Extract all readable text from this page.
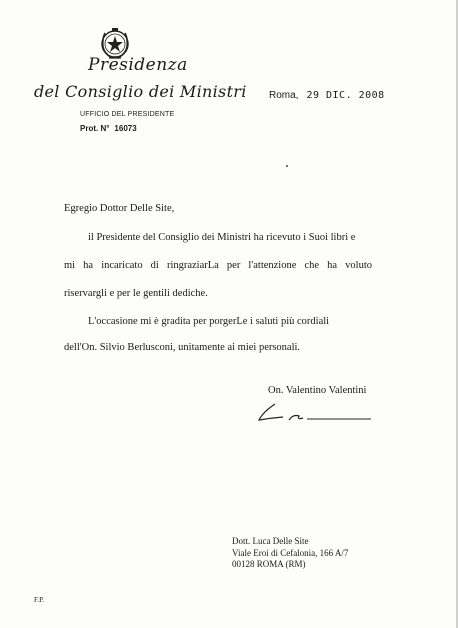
Presidenza
del Consiglio dei Ministri
UFFICIO DEL PRESIDENTE
Prot. N° 16073
Roma, 29 DIC. 2008
Egregio Dottor Delle Site,
il Presidente del Consiglio dei Ministri ha ricevuto i Suoi libri e
mi ha incaricato di ringraziarLa per l'attenzione che ha voluto
riservargli e per le gentili dediche.
L'occasione mi è gradita per porgerLe i saluti più cordiali
dell'On. Silvio Berlusconi, unitamente ai miei personali.
On. Valentino Valentini
Dott. Luca Delle Site
Viale Eroi di Cefalonia, 166 A/7
00128 ROMA (RM)
F.P.
